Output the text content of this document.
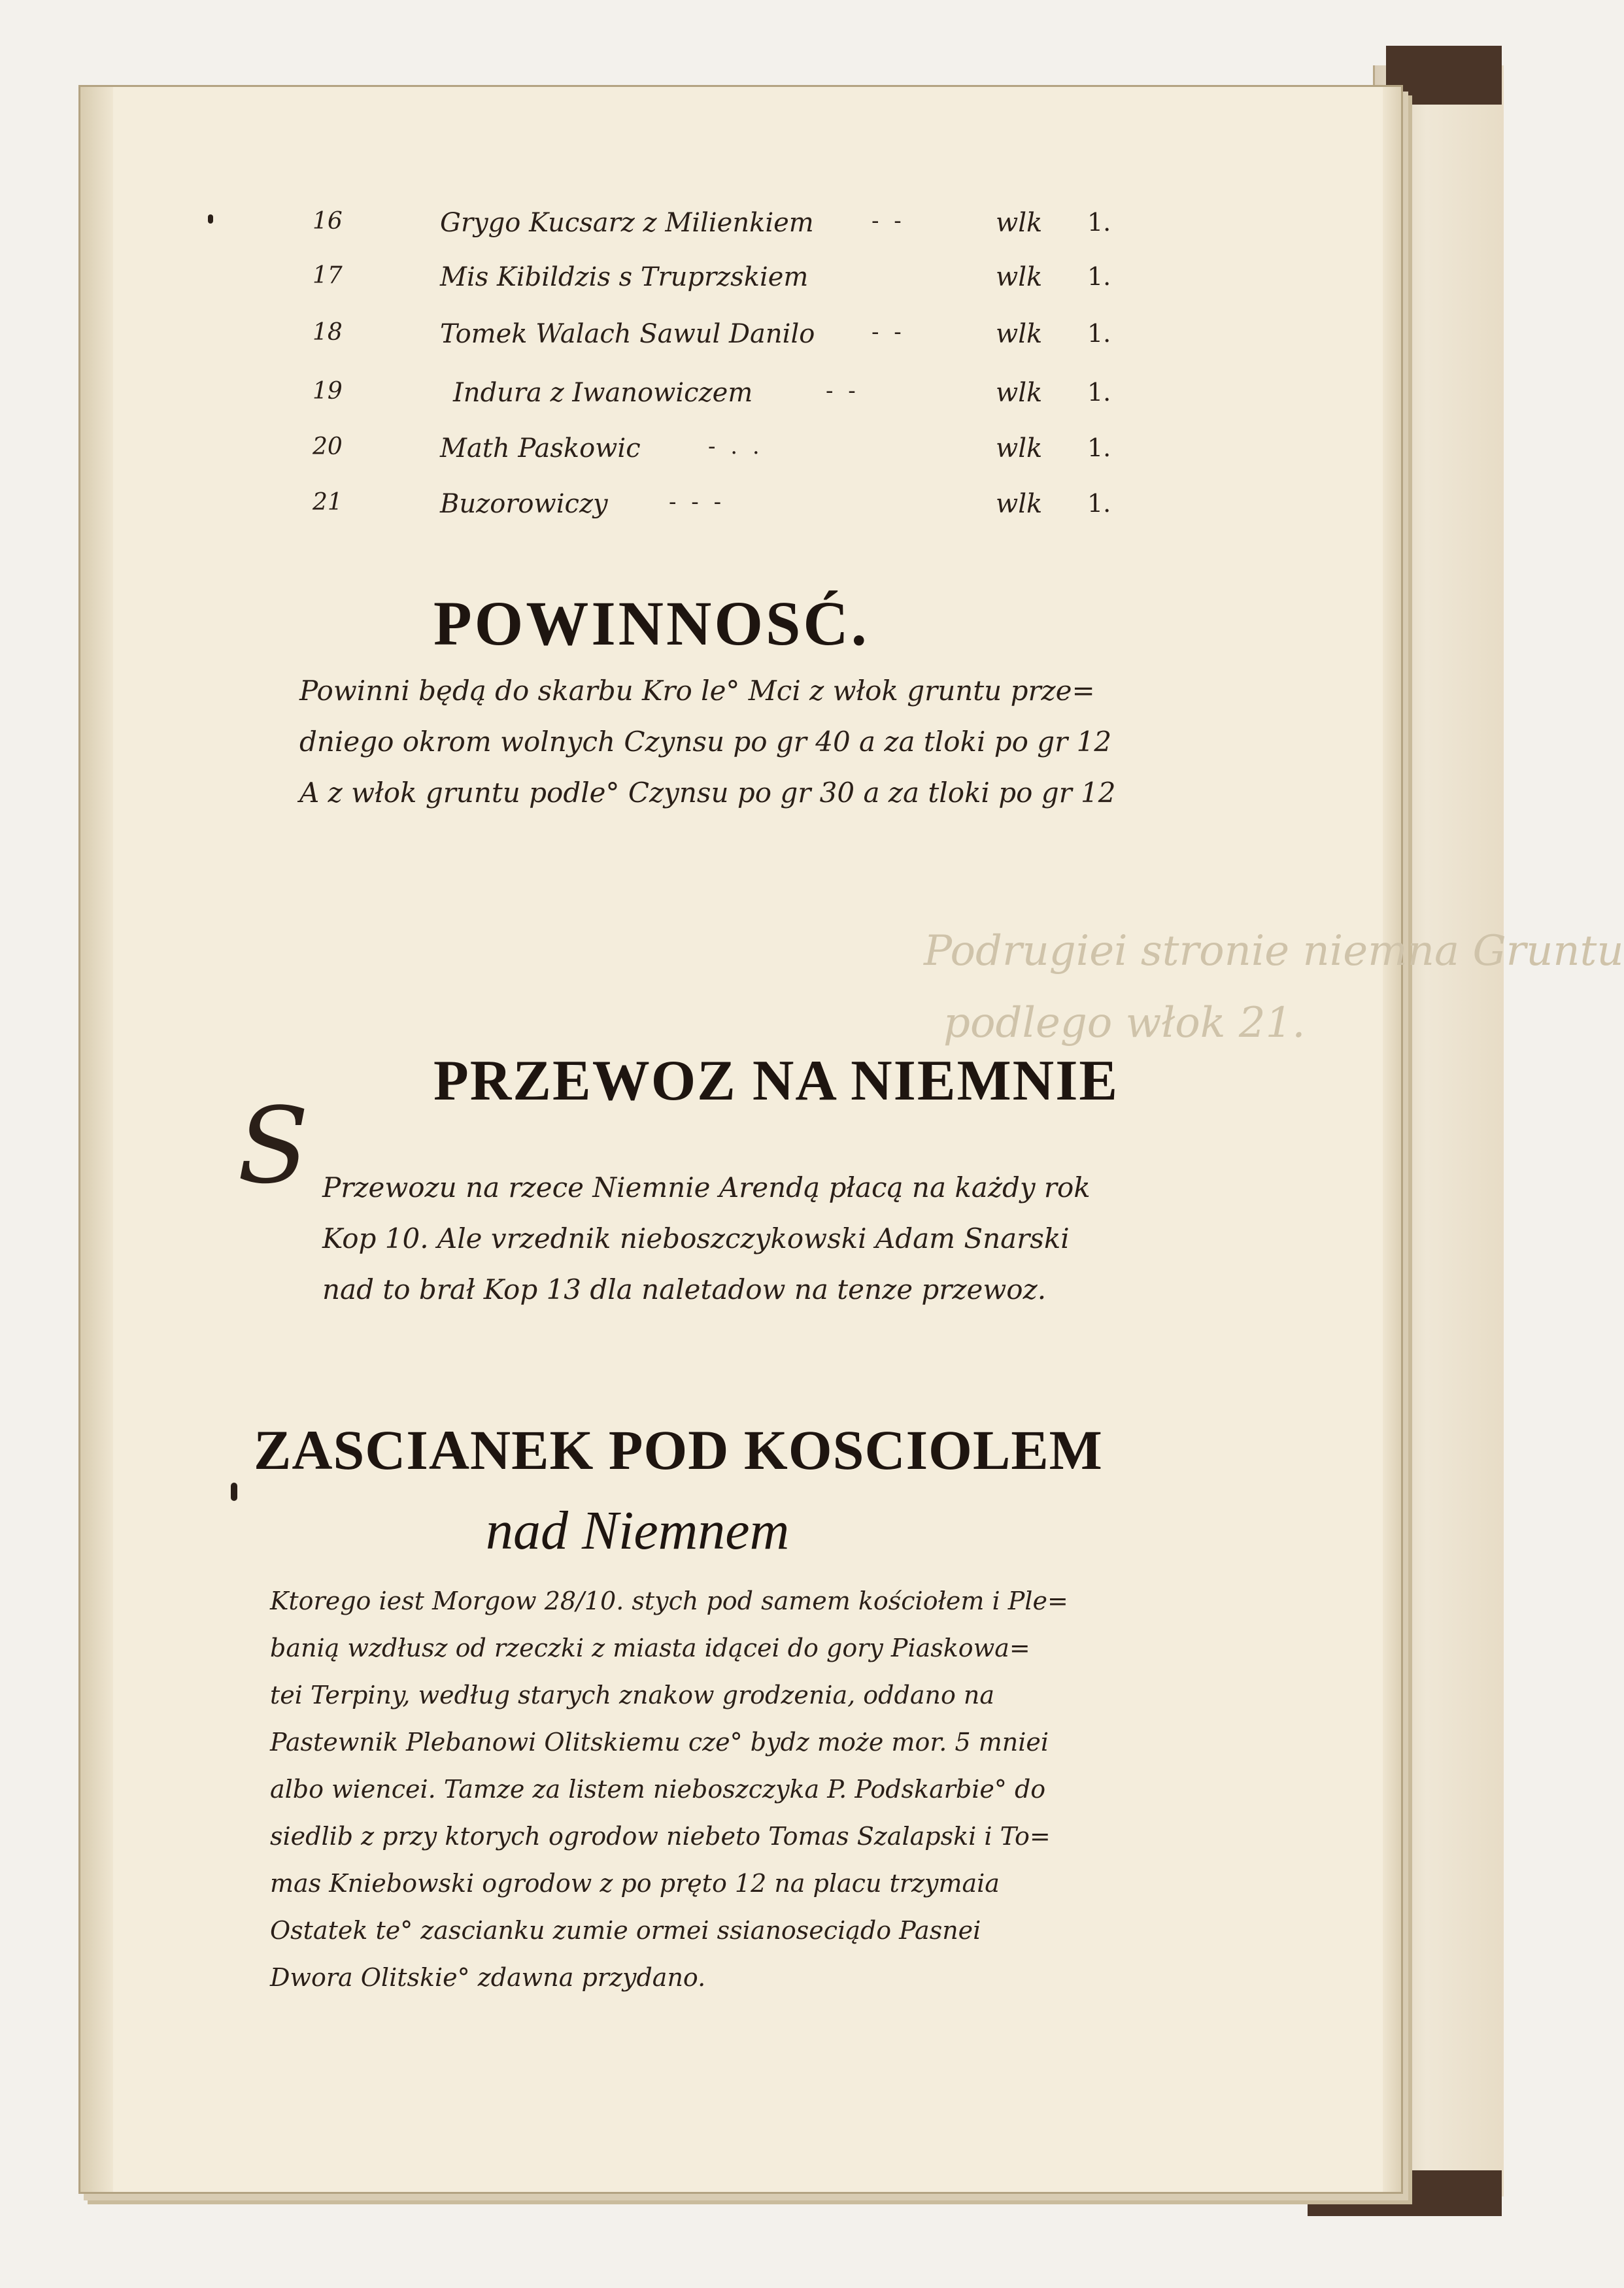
Podrugiei stronie niemna Gruntu
podlego włok 21.
16	Grygo Kucsarz z Milienkiem	- -	wlk 1.
17	Mis Kibildzis s Truprzskiem	wlk 1.
18	Tomek Walach Sawul Danilo	- -	wlk 1.
19	Indura z Iwanowiczem	- -	wlk 1.
20	Math Paskowic	- . .	wlk 1.
21	Buzorowiczy	- - -	wlk 1.
POWINNOSĆ.
Powinni będą do skarbu Kro le° Mci z włok gruntu prze=
dniego okrom wolnych Czynsu po gr 40 a za tloki po gr 12
A z włok gruntu podle° Czynsu po gr 30 a za tloki po gr 12
PRZEWOZ NA NIEMNIE
S Przewozu na rzece Niemnie Arendą płacą na każdy rok
Kop 10. Ale vrzednik nieboszczykowski Adam Snarski
nad to brał Kop 13 dla naletadow na tenze przewoz.
ZASCIANEK POD KOSCIOLEM
nad Niemnem
Ktorego iest Morgow 28/10. stych pod samem kościołem i Ple=
banią wzdłusz od rzeczki z miasta idącei do gory Piaskowa=
tei Terpiny, według starych znakow grodzenia, oddano na
Pastewnik Plebanowi Olitskiemu cze° bydz może mor. 5 mniei
albo wiencei. Tamze za listem nieboszczyka P. Podskarbie° do
siedlib z przy ktorych ogrodow niebeto Tomas Szalapski i To=
mas Kniebowski ogrodow z po pręto 12 na placu trzymaia
Ostatek te° zascianku zumie ormei ssianoseciądo Pasnei
Dwora Olitskie° zdawna przydano.
